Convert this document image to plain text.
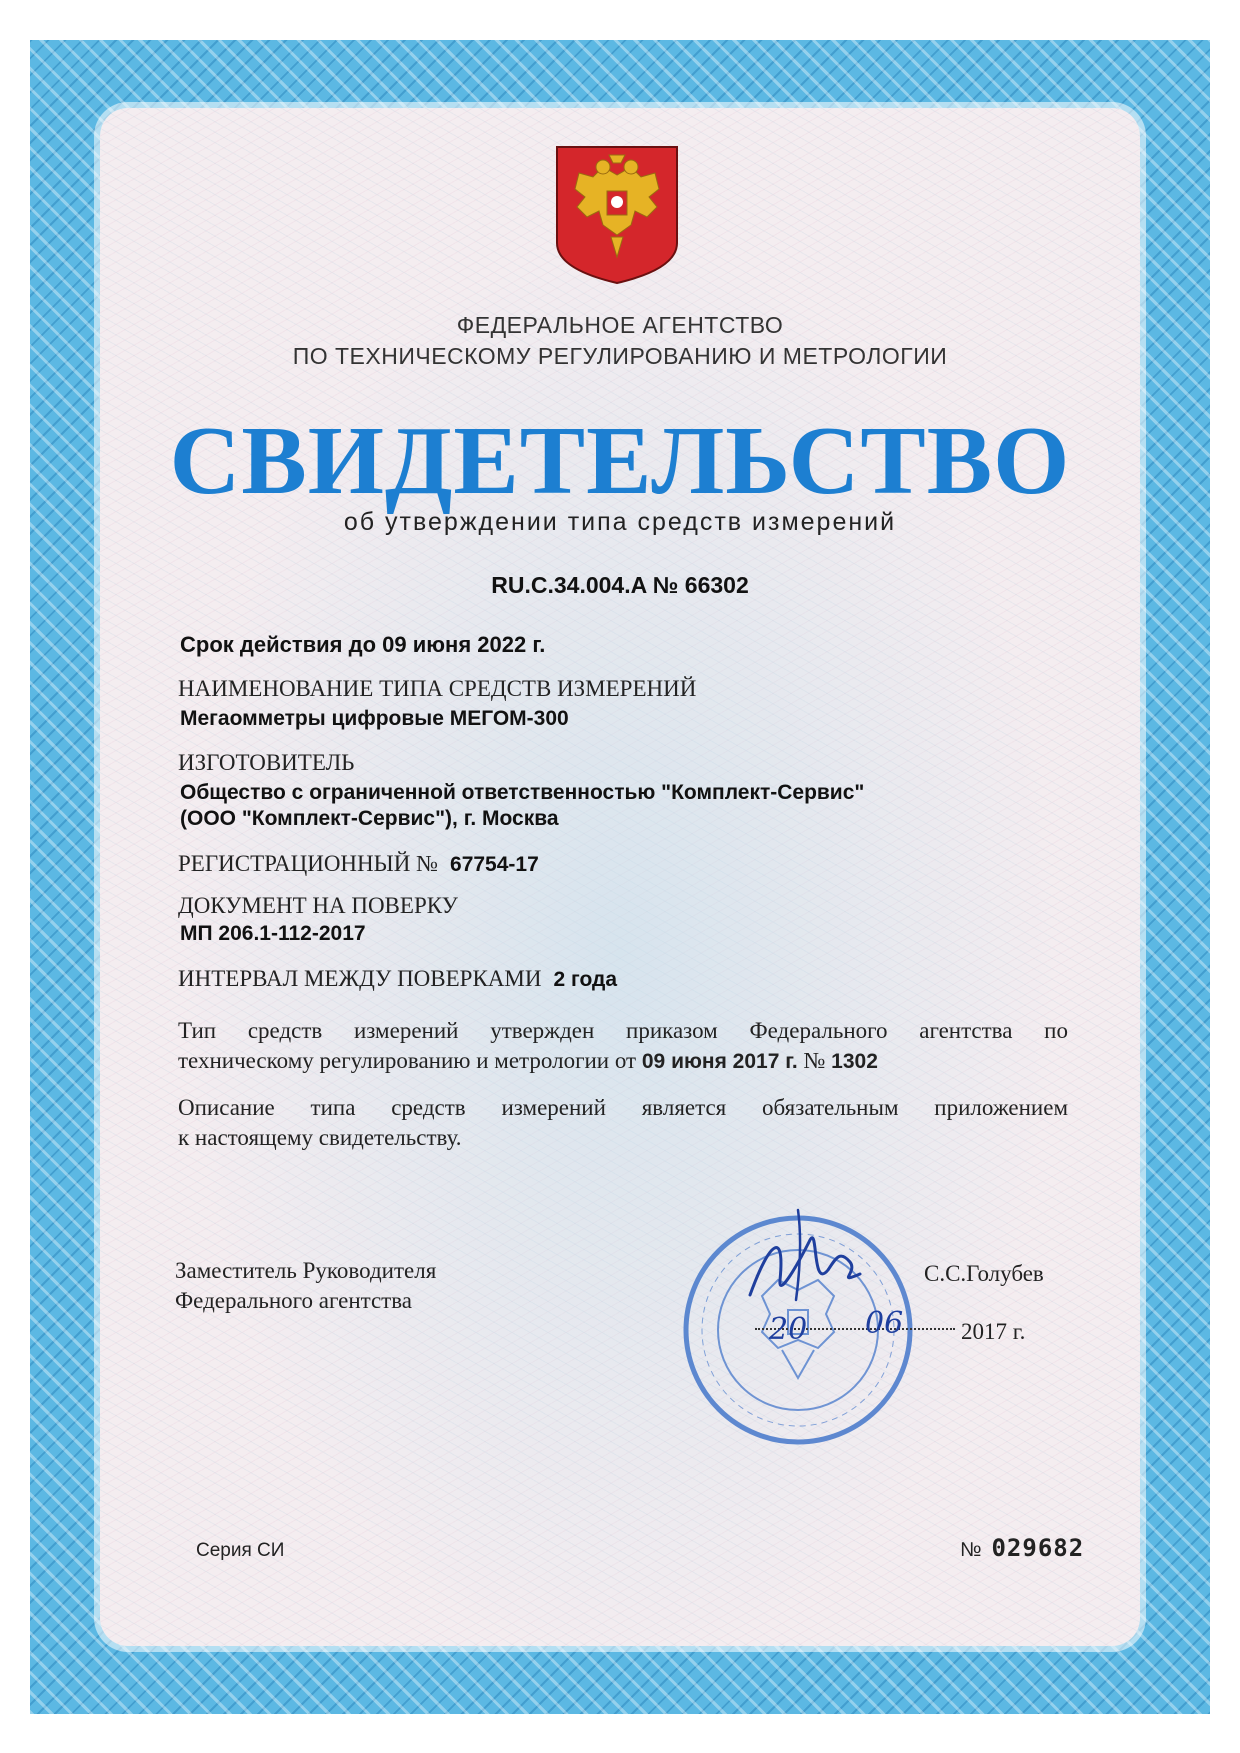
ФЕДЕРАЛЬНОЕ АГЕНТСТВО
ПО ТЕХНИЧЕСКОМУ РЕГУЛИРОВАНИЮ И МЕТРОЛОГИИ
СВИДЕТЕЛЬСТВО
об утверждении типа средств измерений
RU.C.34.004.A № 66302
Срок действия до 09 июня 2022 г.
НАИМЕНОВАНИЕ ТИПА СРЕДСТВ ИЗМЕРЕНИЙ
Мегаомметры цифровые МЕГОМ-300
ИЗГОТОВИТЕЛЬ
Общество с ограниченной ответственностью "Комплект-Сервис"
(ООО "Комплект-Сервис"), г. Москва
РЕГИСТРАЦИОННЫЙ № 67754-17
ДОКУМЕНТ НА ПОВЕРКУ
МП 206.1-112-2017
ИНТЕРВАЛ МЕЖДУ ПОВЕРКАМИ 2 года
Тип средств измерений утвержден приказом Федерального агентства по
техническому регулированию и метрологии от 09 июня 2017 г. № 1302
Описание типа средств измерений является обязательным приложением
к настоящему свидетельству.
Заместитель Руководителя
Федерального агентства
С.С.Голубев
20 06	2017 г.
Серия СИ	№ 029682
